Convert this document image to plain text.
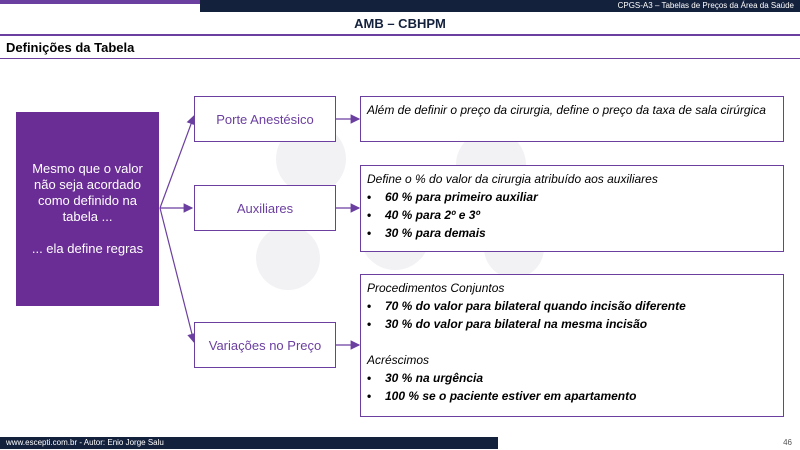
CPGS-A3 – Tabelas de Preços da Área da Saúde
AMB – CBHPM
Definições da Tabela
Mesmo que o valor
não seja acordado
como definido na
tabela ...
... ela define regras
Porte Anestésico
Auxiliares
Variações no Preço
Além de definir o preço da cirurgia, define o preço da taxa de sala cirúrgica
Define o % do valor da cirurgia atribuído aos auxiliares
•	60 % para primeiro auxiliar
•	40 % para 2º e 3º
•	30 % para demais
Procedimentos Conjuntos
•	70 % do valor para bilateral quando incisão diferente
•	30 % do valor para bilateral na mesma incisão
Acréscimos
•	30 % na urgência
•	100 % se o paciente estiver em apartamento
www.escepti.com.br - Autor: Enio Jorge Salu	46
